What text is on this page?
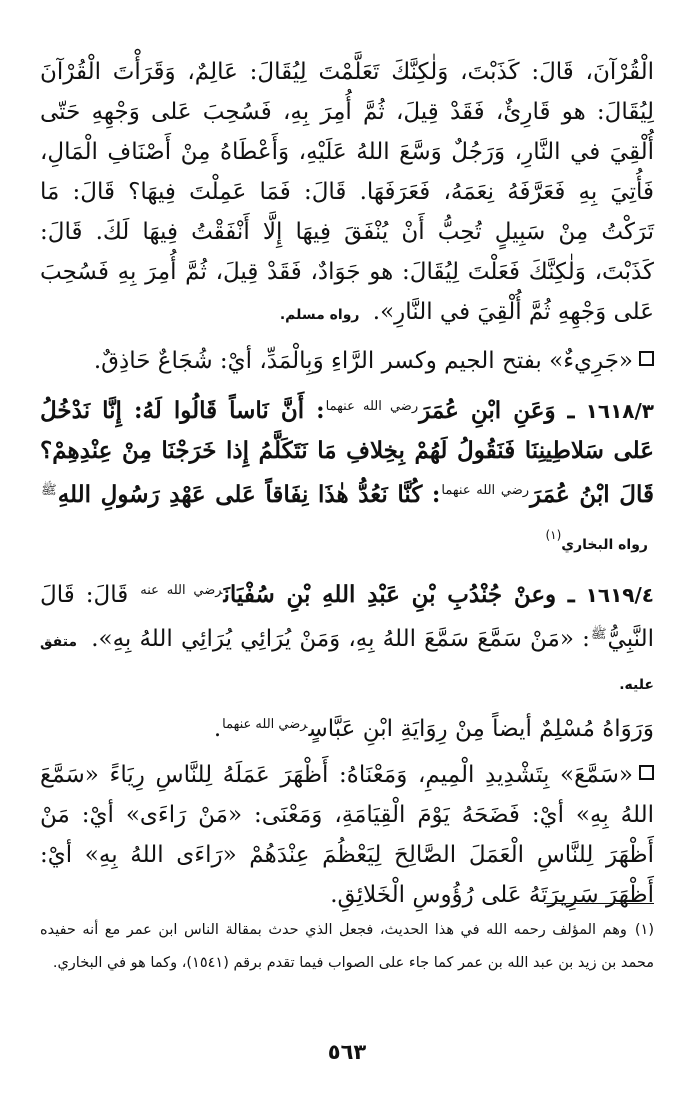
الْقُرْآنَ، قَالَ: كَذَبْتَ، وَلٰكِنَّكَ تَعَلَّمْتَ لِيُقَالَ: عَالِمٌ، وَقَرَأْتَ الْقُرْآنَ لِيُقَالَ: هو قَارِئٌ، فَقَدْ قِيلَ، ثُمَّ أُمِرَ بِهِ، فَسُحِبَ عَلى وَجْهِهِ حَتّى أُلْقِيَ في النَّارِ، وَرَجُلٌ وَسَّعَ اللهُ عَلَيْهِ، وَأَعْطَاهُ مِنْ أَصْنَافِ الْمَالِ، فَأُتِيَ بِهِ فَعَرَّفَهُ نِعَمَهُ، فَعَرَفَهَا. قَالَ: فَمَا عَمِلْتَ فِيهَا؟ قَالَ: مَا تَرَكْتُ مِنْ سَبِيلٍ تُحِبُّ أَنْ يُنْفَقَ فِيهَا إِلَّا أَنْفَقْتُ فِيهَا لَكَ. قَالَ: كَذَبْتَ، وَلٰكِنَّكَ فَعَلْتَ لِيُقَالَ: هو جَوَادٌ، فَقَدْ قِيلَ، ثُمَّ أُمِرَ بِهِ فَسُحِبَ عَلى وَجْهِهِ ثُمَّ أُلْقِيَ في النَّارِ». رواه مسلم.

«جَرِيءٌ» بفتح الجيم وكسر الرَّاءِ وَبِالْمَدِّ، أيْ: شُجَاعٌ حَاذِقٌ.

١٦١٨/٣ ـ وَعَنِ ابْنِ عُمَرَ$^{رضي الله عنهما}$: أَنَّ نَاساً قَالُوا لَهُ: إِنَّا نَدْخُلُ عَلى سَلاطِينِنَا فَنَقُولُ لَهُمْ بِخِلافِ مَا نَتَكَلَّمُ إِذا خَرَجْنَا مِنْ عِنْدِهِمْ؟ قَالَ ابْنُ عُمَرَ$^{رضي الله عنهما}$: كُنَّا نَعُدُّ هٰذَا نِفَاقاً عَلى عَهْدِ رَسُولِ اللهِ$^ﷺ$ رواه البخاري$^{(١)}$

١٦١٩/٤ ـ وعنْ جُنْدُبِ بْنِ عَبْدِ اللهِ بْنِ سُفْيَانَ$^{رضي الله عنه}$ قَالَ: قَالَ النَّبِيُّ$^ﷺ$: «مَنْ سَمَّعَ سَمَّعَ اللهُ بِهِ، وَمَنْ يُرَائِي يُرَائِي اللهُ بِهِ». متفق عليه.
وَرَوَاهُ مُسْلِمٌ أيضاً مِنْ رِوَايَةِ ابْنِ عَبَّاسٍ$^{رضي الله عنهما}$.

«سَمَّعَ» بِتَشْدِيدِ الْمِيمِ، وَمَعْنَاهُ: أَظْهَرَ عَمَلَهُ لِلنَّاسِ رِيَاءً «سَمَّعَ اللهُ بِهِ» أيْ: فَضَحَهُ يَوْمَ الْقِيَامَةِ، وَمَعْنَى: «مَنْ رَاءَى» أيْ: مَنْ أَظْهَرَ لِلنَّاسِ الْعَمَلَ الصَّالِحَ لِيَعْظُمَ عِنْدَهُمْ «رَاءَى اللهُ بِهِ» أيْ: أَظْهَرَ سَرِيرَتَهُ عَلى رُؤُوسِ الْخَلائِقِ.

(١)وهم المؤلف رحمه الله في هذا الحديث، فجعل الذي حدث بمقالة الناس ابن عمر مع أنه حفيده محمد بن زيد بن عبد الله بن عمر كما جاء على الصواب فيما تقدم برقم (١٥٤١)، وكما هو في البخاري.
٥٦٣
